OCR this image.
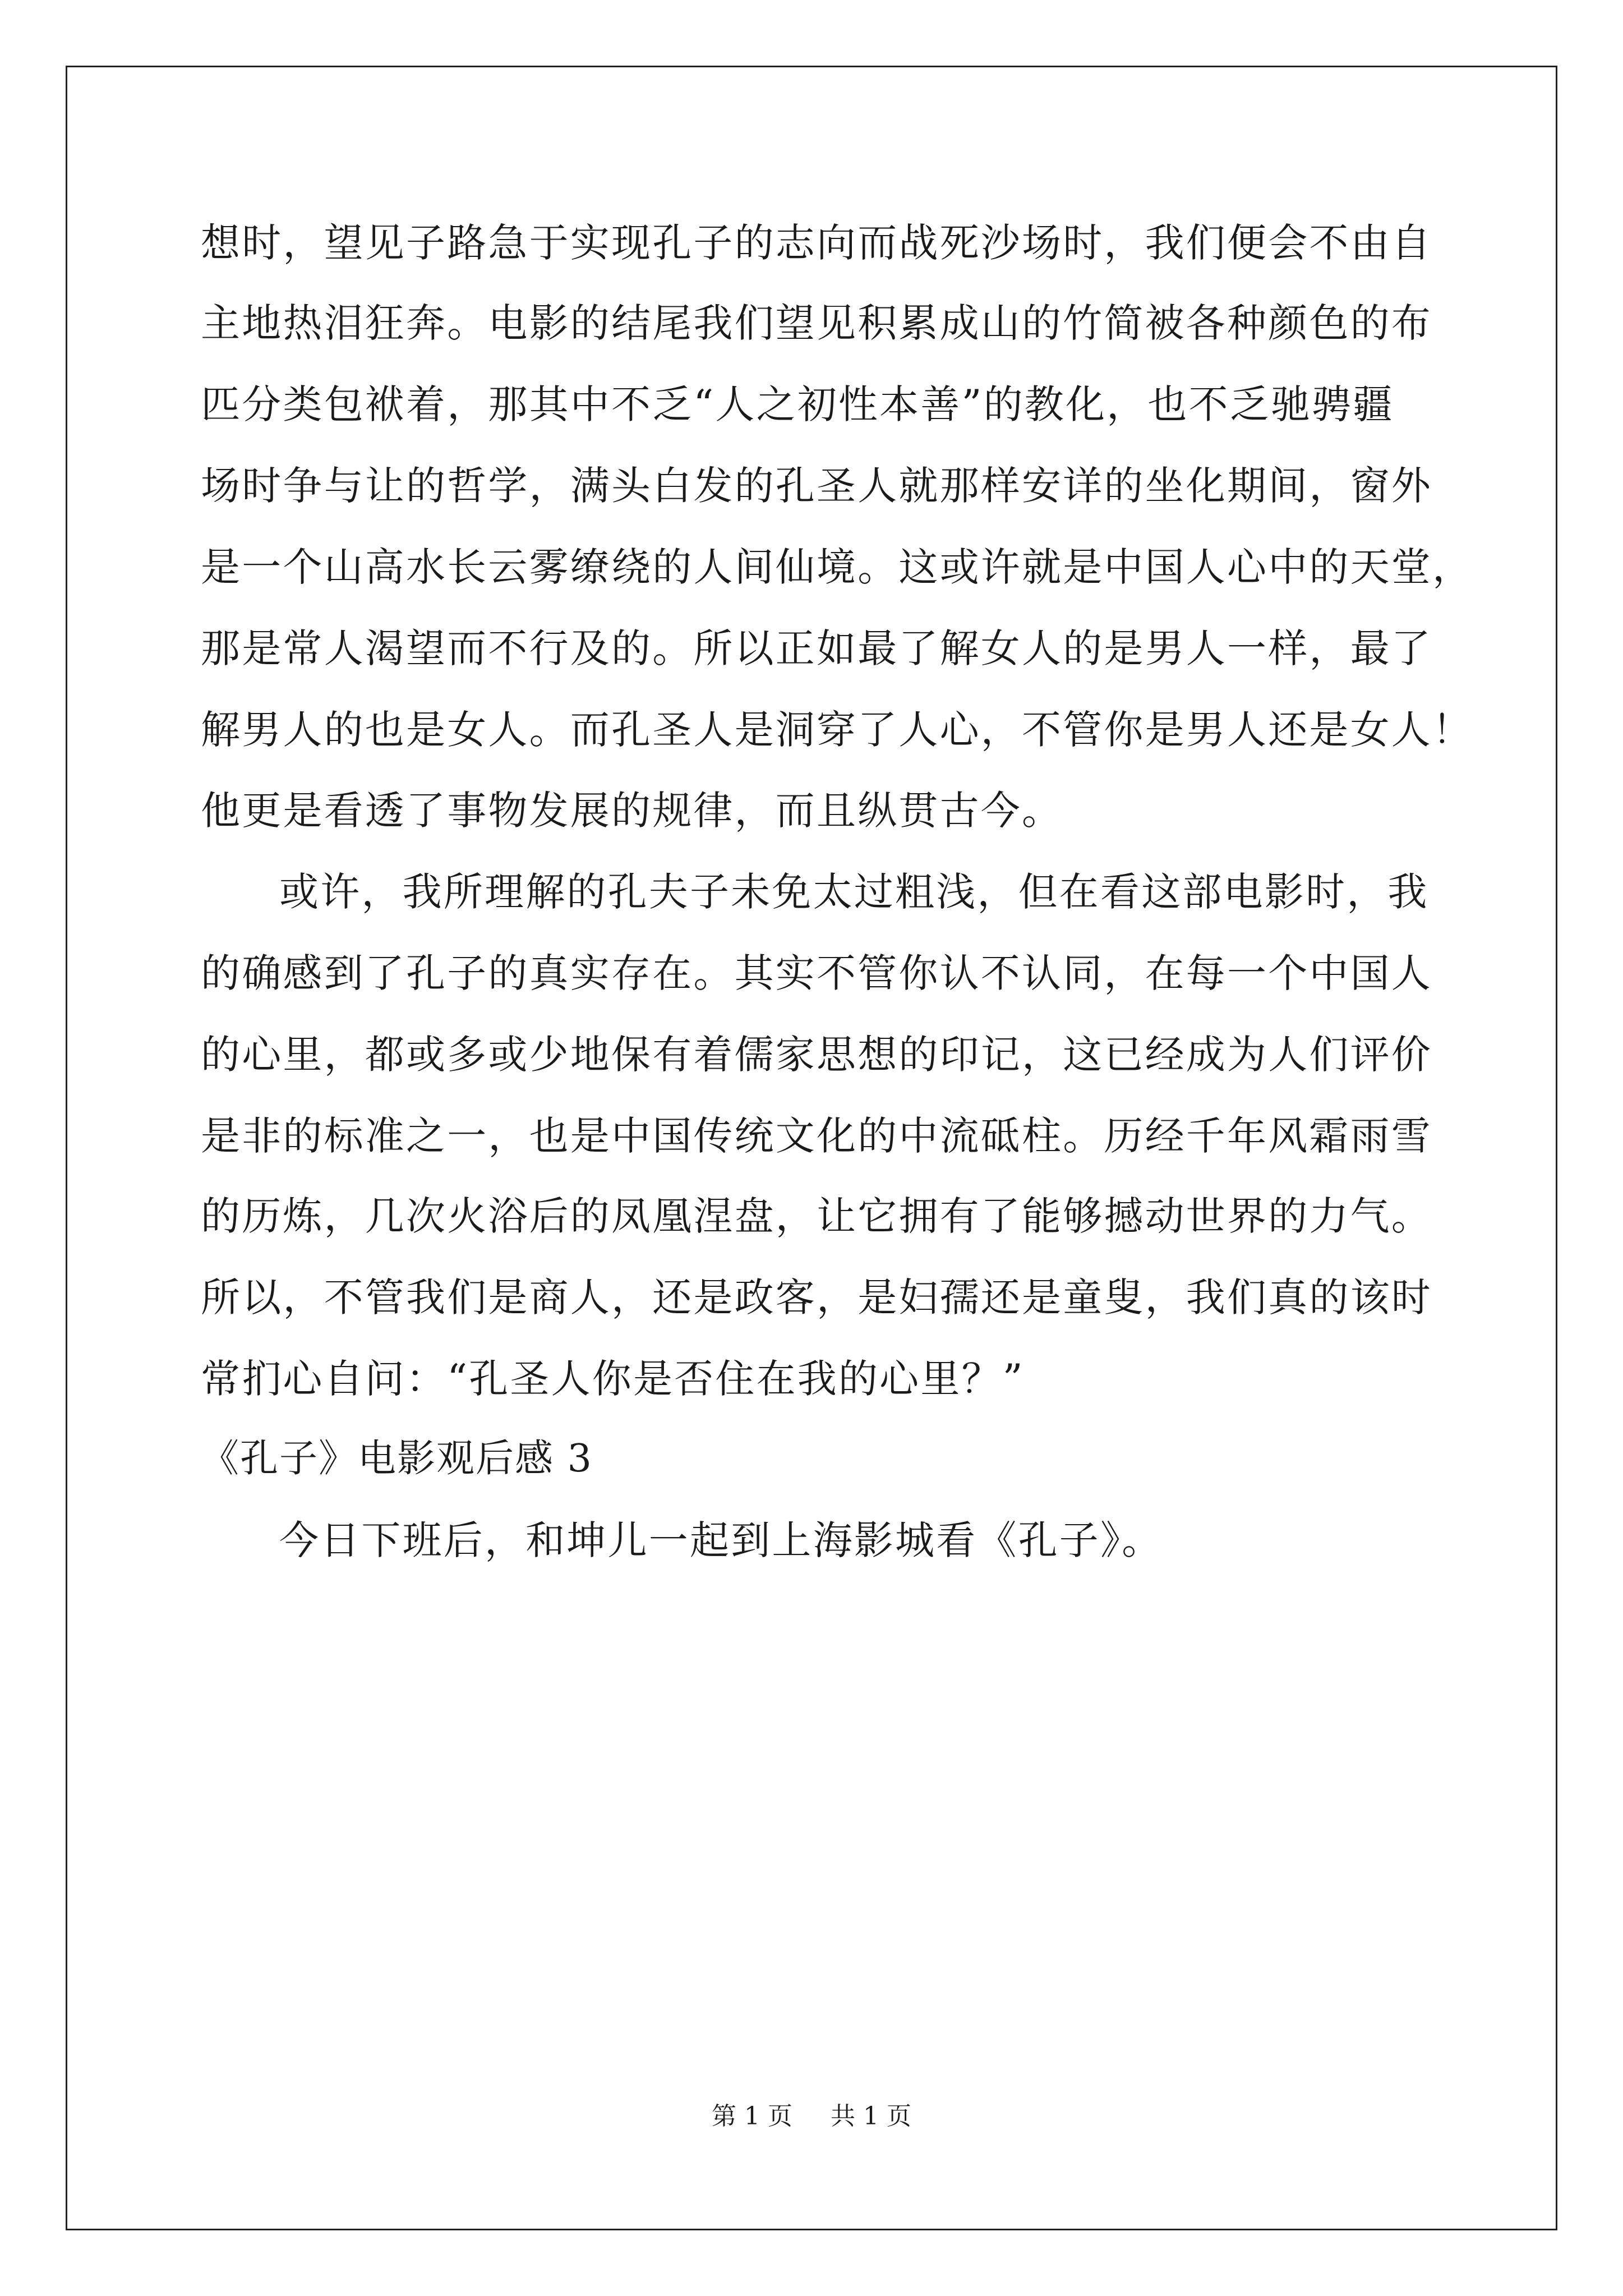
想时，望见子路急于实现孔子的志向而战死沙场时，我们便会不由自
主地热泪狂奔。电影的结尾我们望见积累成山的竹简被各种颜色的布
匹分类包袱着，那其中不乏“人之初性本善”的教化，也不乏驰骋疆
场时争与让的哲学，满头白发的孔圣人就那样安详的坐化期间，窗外
是一个山高水长云雾缭绕的人间仙境。这或许就是中国人心中的天堂，
那是常人渴望而不行及的。所以正如最了解女人的是男人一样，最了
解男人的也是女人。而孔圣人是洞穿了人心，不管你是男人还是女人！
他更是看透了事物发展的规律，而且纵贯古今。
或许，我所理解的孔夫子未免太过粗浅，但在看这部电影时，我
的确感到了孔子的真实存在。其实不管你认不认同，在每一个中国人
的心里，都或多或少地保有着儒家思想的印记，这已经成为人们评价
是非的标准之一，也是中国传统文化的中流砥柱。历经千年风霜雨雪
的历炼，几次火浴后的凤凰涅盘，让它拥有了能够撼动世界的力气。
所以，不管我们是商人，还是政客，是妇孺还是童叟，我们真的该时
常扪心自问：“孔圣人你是否住在我的心里？”
《孔子》电影观后感 3
今日下班后，和坤儿一起到上海影城看《孔子》。
第 1 页 共 1 页
